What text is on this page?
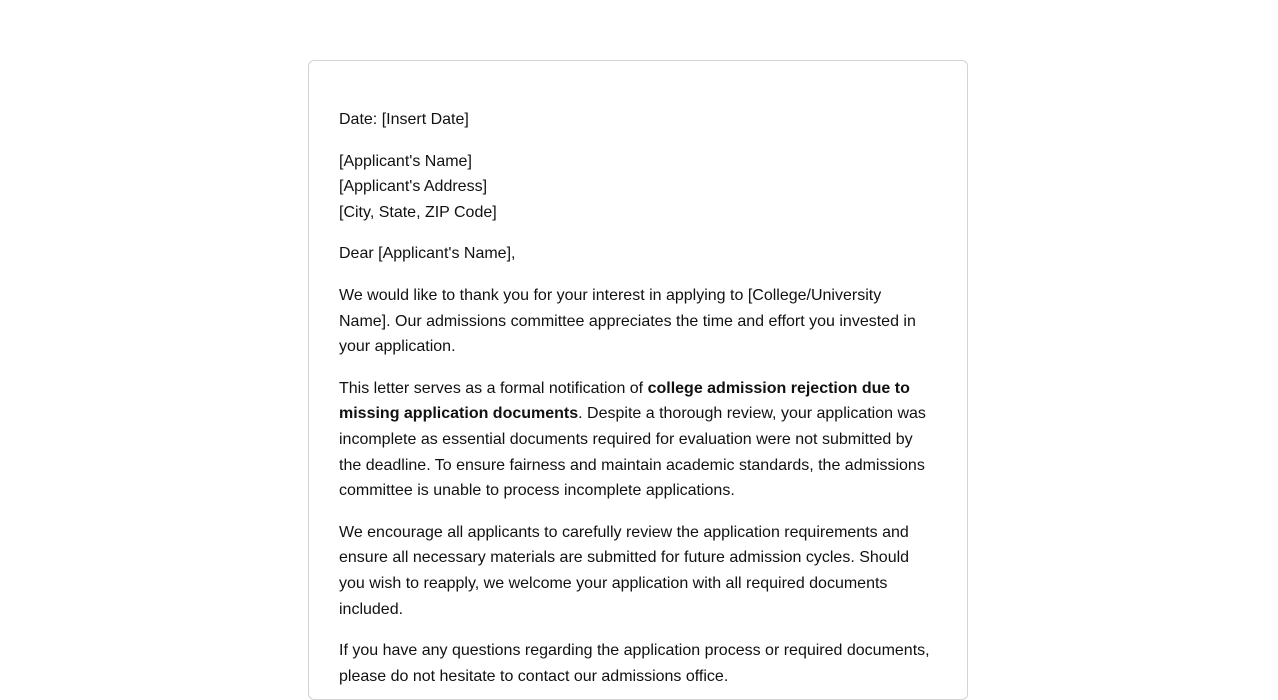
Date: [Insert Date]

[Applicant's Name]
[Applicant's Address]
[City, State, ZIP Code]

Dear [Applicant's Name],

We would like to thank you for your interest in applying to [College/University Name]. Our admissions committee appreciates the time and effort you invested in your application.

This letter serves as a formal notification of college admission rejection due to missing application documents. Despite a thorough review, your application was incomplete as essential documents required for evaluation were not submitted by the deadline. To ensure fairness and maintain academic standards, the admissions committee is unable to process incomplete applications.

We encourage all applicants to carefully review the application requirements and ensure all necessary materials are submitted for future admission cycles. Should you wish to reapply, we welcome your application with all required documents included.

If you have any questions regarding the application process or required documents, please do not hesitate to contact our admissions office.
